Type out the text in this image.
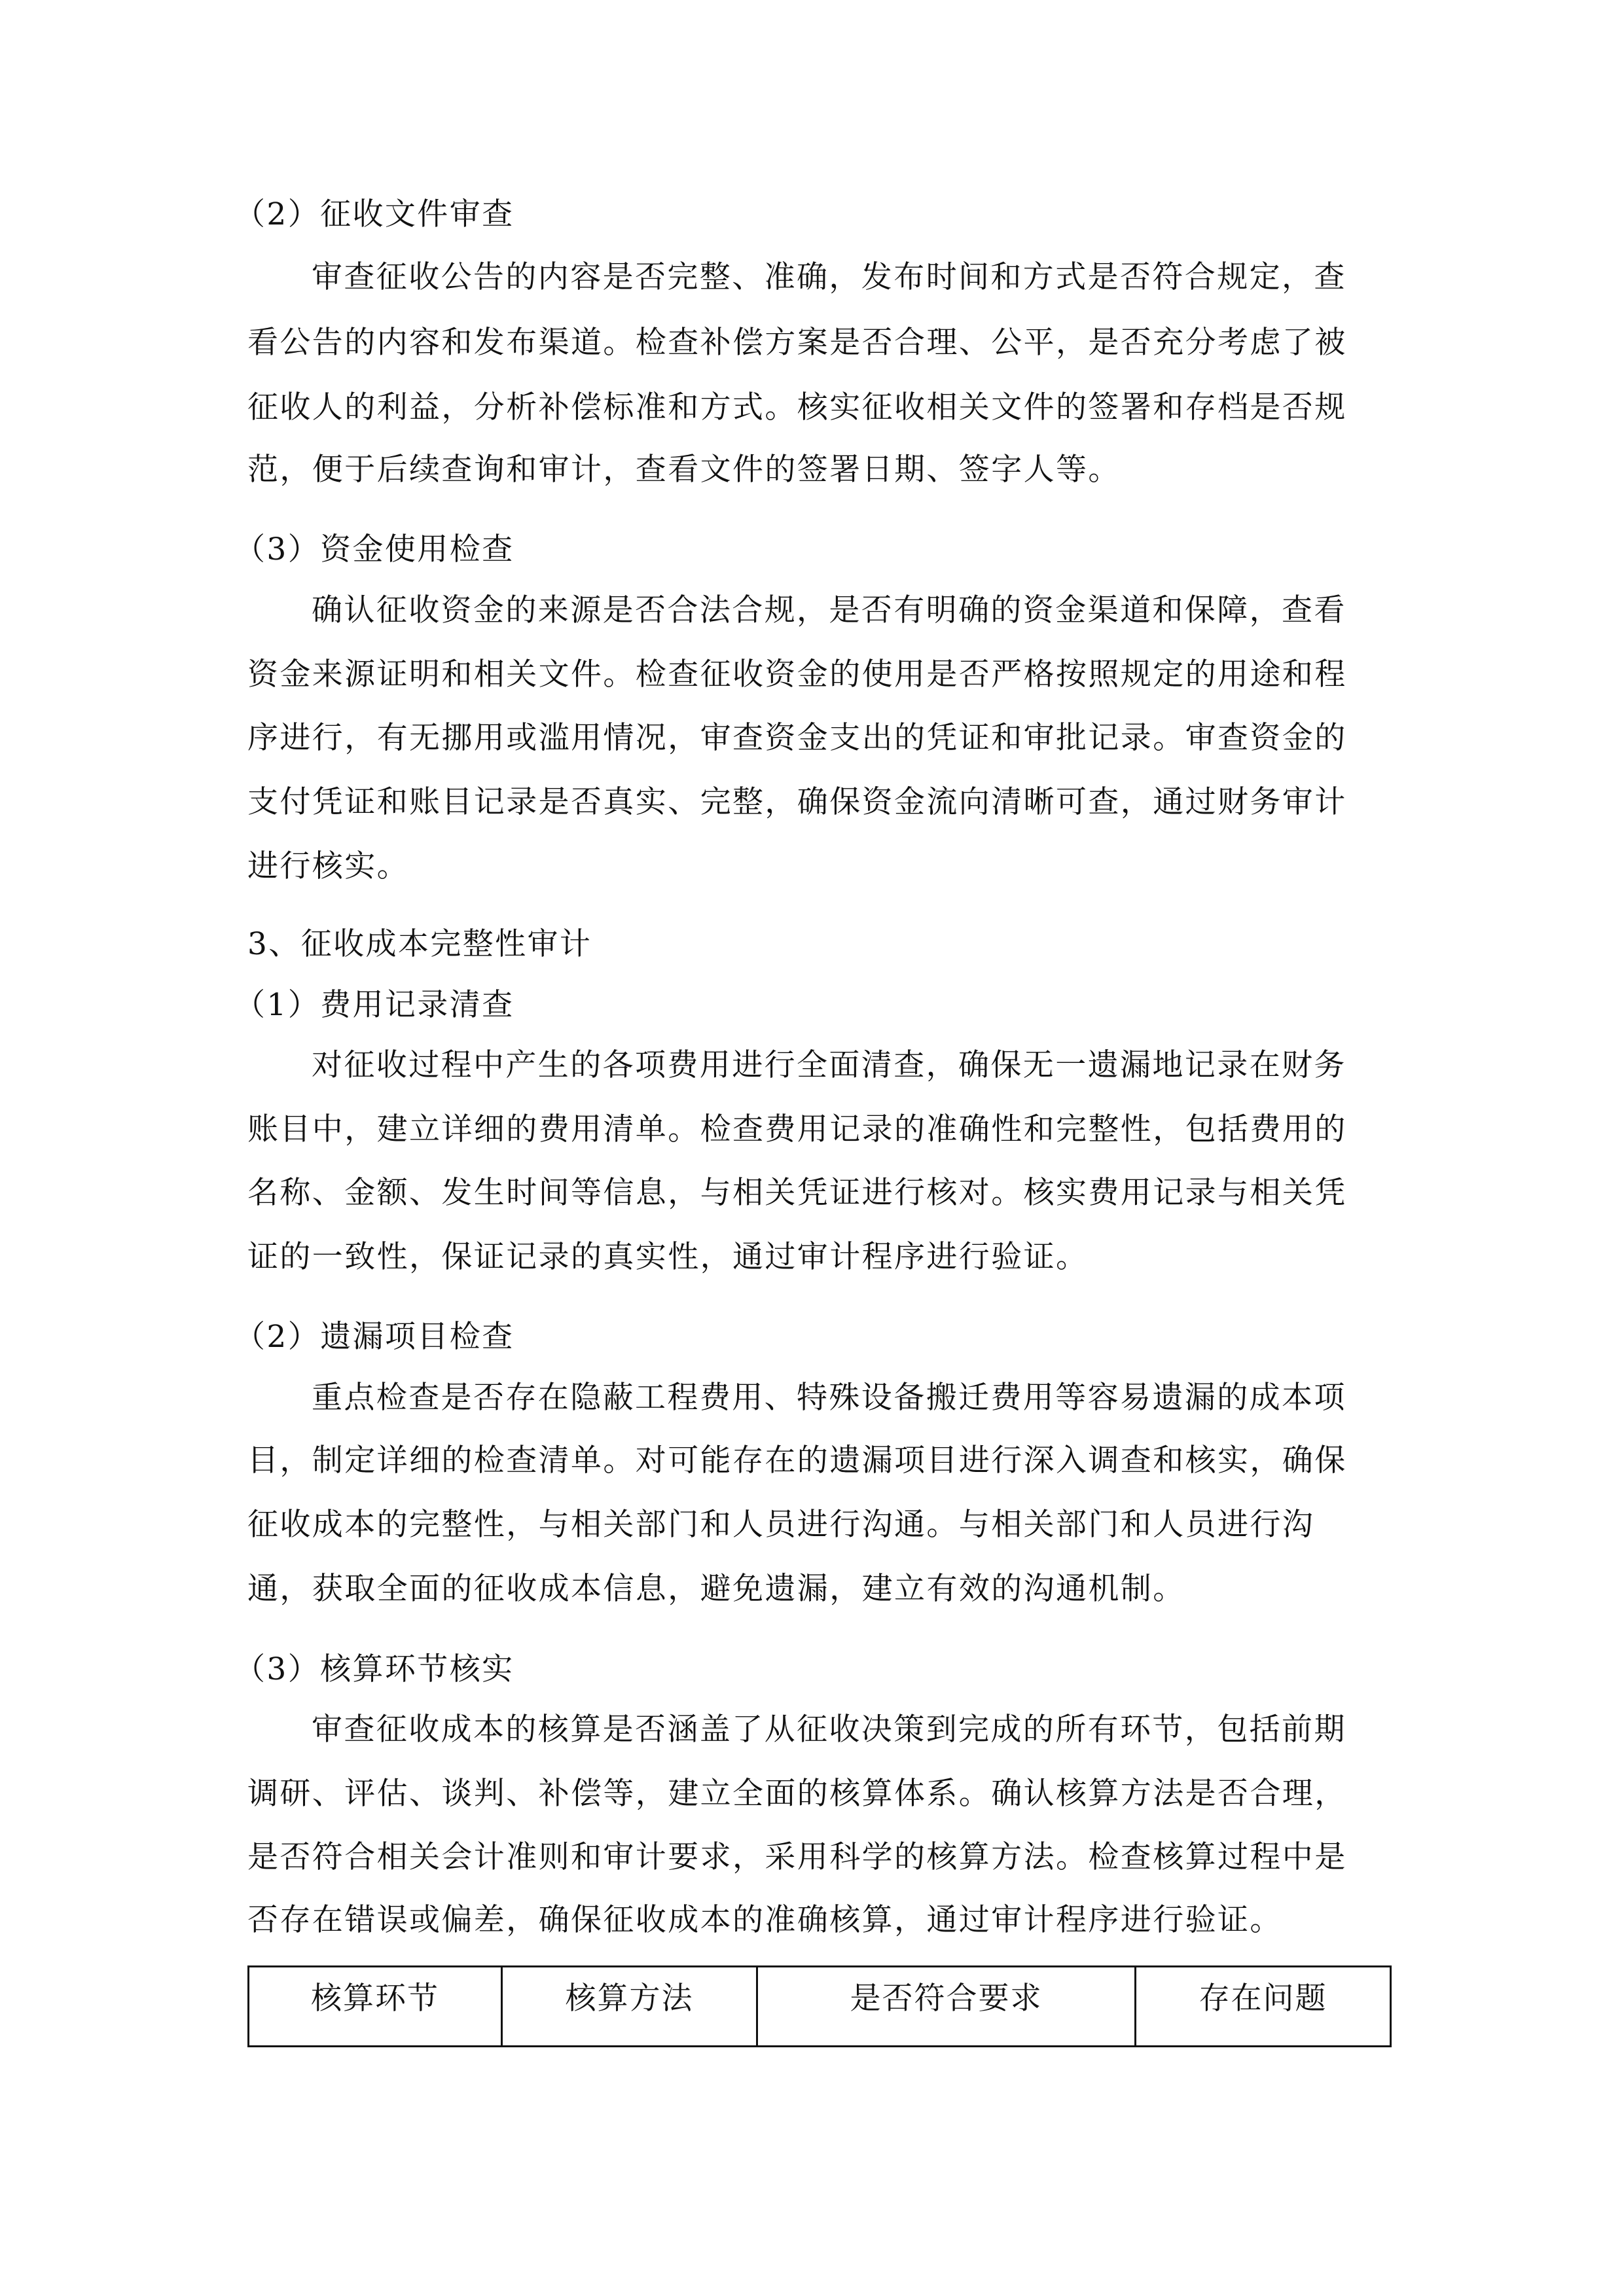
（2）征收文件审查
审查征收公告的内容是否完整、准确，发布时间和方式是否符合规定，查
看公告的内容和发布渠道。检查补偿方案是否合理、公平，是否充分考虑了被
征收人的利益，分析补偿标准和方式。核实征收相关文件的签署和存档是否规
范，便于后续查询和审计，查看文件的签署日期、签字人等。
（3）资金使用检查
确认征收资金的来源是否合法合规，是否有明确的资金渠道和保障，查看
资金来源证明和相关文件。检查征收资金的使用是否严格按照规定的用途和程
序进行，有无挪用或滥用情况，审查资金支出的凭证和审批记录。审查资金的
支付凭证和账目记录是否真实、完整，确保资金流向清晰可查，通过财务审计
进行核实。
3、征收成本完整性审计
（1）费用记录清查
对征收过程中产生的各项费用进行全面清查，确保无一遗漏地记录在财务
账目中，建立详细的费用清单。检查费用记录的准确性和完整性，包括费用的
名称、金额、发生时间等信息，与相关凭证进行核对。核实费用记录与相关凭
证的一致性，保证记录的真实性，通过审计程序进行验证。
（2）遗漏项目检查
重点检查是否存在隐蔽工程费用、特殊设备搬迁费用等容易遗漏的成本项
目，制定详细的检查清单。对可能存在的遗漏项目进行深入调查和核实，确保
征收成本的完整性，与相关部门和人员进行沟通。与相关部门和人员进行沟
通，获取全面的征收成本信息，避免遗漏，建立有效的沟通机制。
（3）核算环节核实
审查征收成本的核算是否涵盖了从征收决策到完成的所有环节，包括前期
调研、评估、谈判、补偿等，建立全面的核算体系。确认核算方法是否合理，
是否符合相关会计准则和审计要求，采用科学的核算方法。检查核算过程中是
否存在错误或偏差，确保征收成本的准确核算，通过审计程序进行验证。
核算环节	核算方法	是否符合要求	存在问题
